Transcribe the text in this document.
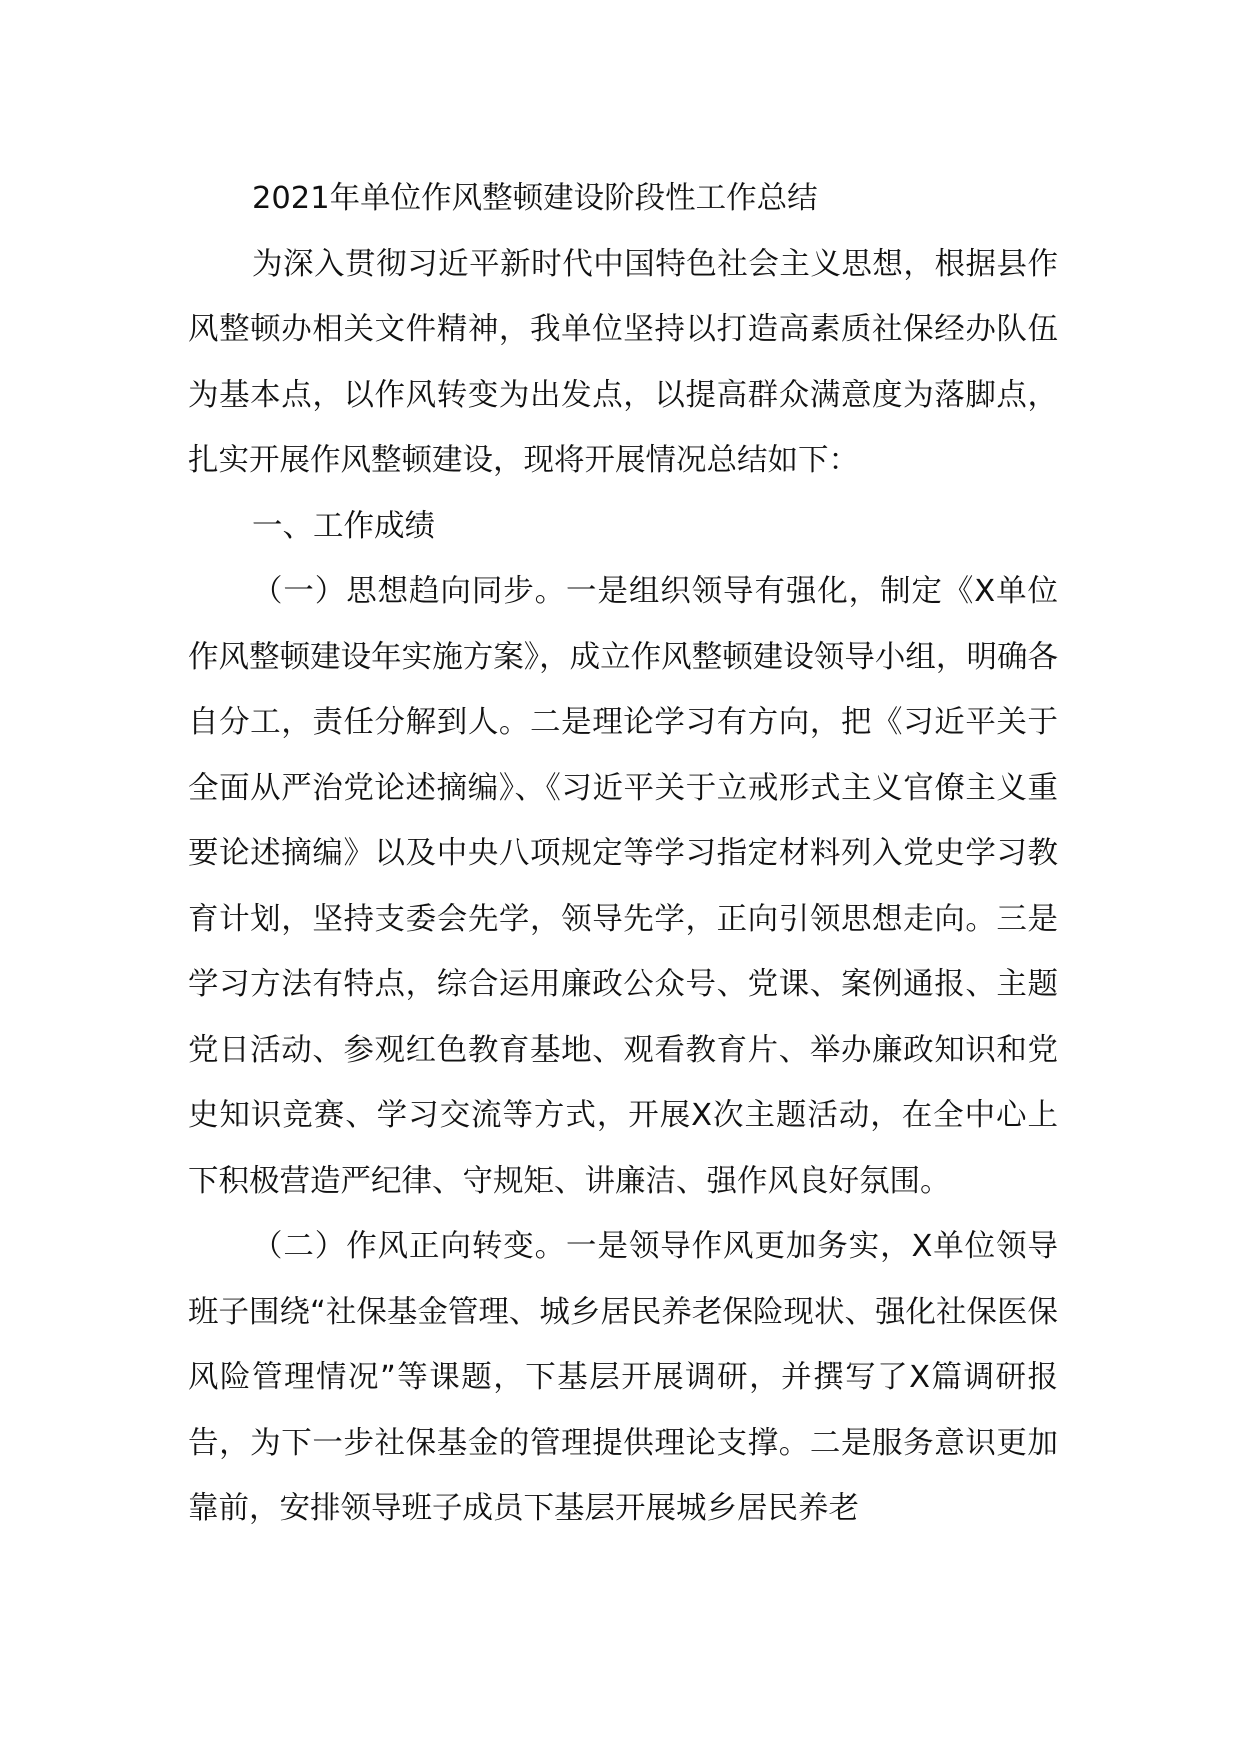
2021年单位作风整顿建设阶段性工作总结

为深入贯彻习近平新时代中国特色社会主义思想，根据县作风整顿办相关文件精神，我单位坚持以打造高素质社保经办队伍为基本点，以作风转变为出发点，以提高群众满意度为落脚点，扎实开展作风整顿建设，现将开展情况总结如下：

一、工作成绩

（一）思想趋向同步。一是组织领导有强化，制定《X单位作风整顿建设年实施方案》，成立作风整顿建设领导小组，明确各自分工，责任分解到人。二是理论学习有方向，把《习近平关于全面从严治党论述摘编》、《习近平关于立戒形式主义官僚主义重要论述摘编》以及中央八项规定等学习指定材料列入党史学习教育计划，坚持支委会先学，领导先学，正向引领思想走向。三是学习方法有特点，综合运用廉政公众号、党课、案例通报、主题党日活动、参观红色教育基地、观看教育片、举办廉政知识和党史知识竞赛、学习交流等方式，开展X次主题活动，在全中心上下积极营造严纪律、守规矩、讲廉洁、强作风良好氛围。

（二）作风正向转变。一是领导作风更加务实，X单位领导班子围绕“社保基金管理、城乡居民养老保险现状、强化社保医保风险管理情况”等课题，下基层开展调研，并撰写了X篇调研报告，为下一步社保基金的管理提供理论支撑。二是服务意识更加靠前，安排领导班子成员下基层开展城乡居民养老
